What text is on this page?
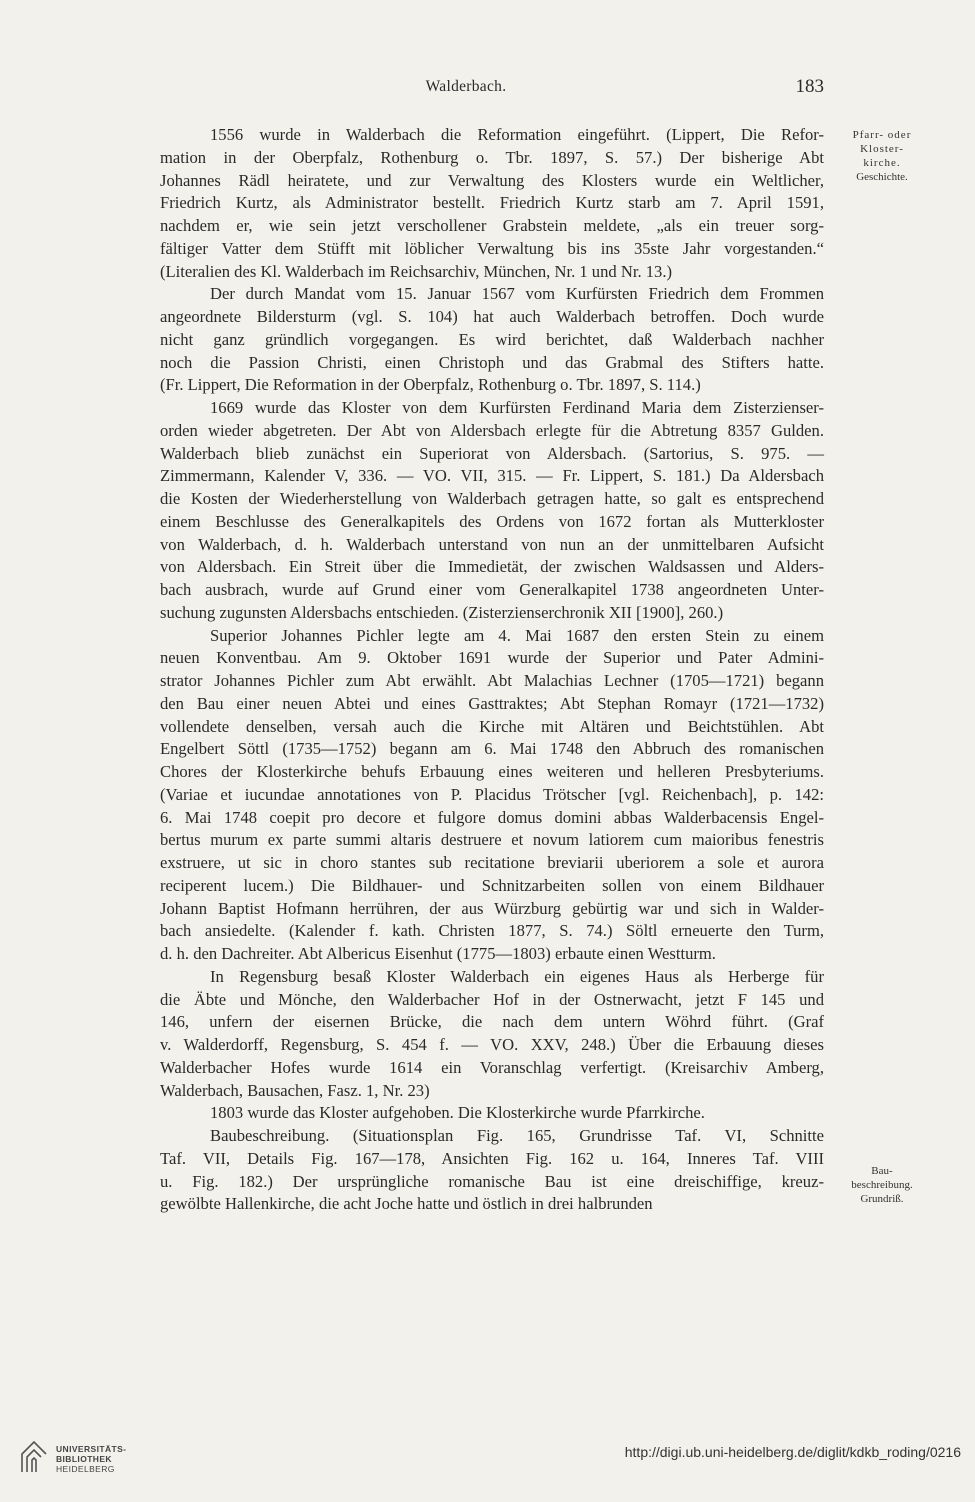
Walderbach.	183
Pfarr- oder
Kloster-
kirche.
Geschichte.
Bau-
beschreibung.
Grundriß.
1556 wurde in Walderbach die Reformation eingeführt. (Lippert, Die Refor-
mation in der Oberpfalz, Rothenburg o. Tbr. 1897, S. 57.) Der bisherige Abt
Johannes Rädl heiratete, und zur Verwaltung des Klosters wurde ein Weltlicher,
Friedrich Kurtz, als Administrator bestellt. Friedrich Kurtz starb am 7. April 1591,
nachdem er, wie sein jetzt verschollener Grabstein meldete, „als ein treuer sorg-
fältiger Vatter dem Stüfft mit löblicher Verwaltung bis ins 35ste Jahr vorgestanden.“
(Literalien des Kl. Walderbach im Reichsarchiv, München, Nr. 1 und Nr. 13.)
Der durch Mandat vom 15. Januar 1567 vom Kurfürsten Friedrich dem Frommen
angeordnete Bildersturm (vgl. S. 104) hat auch Walderbach betroffen. Doch wurde
nicht ganz gründlich vorgegangen. Es wird berichtet, daß Walderbach nachher
noch die Passion Christi, einen Christoph und das Grabmal des Stifters hatte.
(Fr. Lippert, Die Reformation in der Oberpfalz, Rothenburg o. Tbr. 1897, S. 114.)
1669 wurde das Kloster von dem Kurfürsten Ferdinand Maria dem Zisterzienser-
orden wieder abgetreten. Der Abt von Aldersbach erlegte für die Abtretung 8357 Gulden.
Walderbach blieb zunächst ein Superiorat von Aldersbach. (Sartorius, S. 975. —
Zimmermann, Kalender V, 336. — VO. VII, 315. — Fr. Lippert, S. 181.) Da Aldersbach
die Kosten der Wiederherstellung von Walderbach getragen hatte, so galt es entsprechend
einem Beschlusse des Generalkapitels des Ordens von 1672 fortan als Mutterkloster
von Walderbach, d. h. Walderbach unterstand von nun an der unmittelbaren Aufsicht
von Aldersbach. Ein Streit über die Immedietät, der zwischen Waldsassen und Alders-
bach ausbrach, wurde auf Grund einer vom Generalkapitel 1738 angeordneten Unter-
suchung zugunsten Aldersbachs entschieden. (Zisterzienserchronik XII [1900], 260.)
Superior Johannes Pichler legte am 4. Mai 1687 den ersten Stein zu einem
neuen Konventbau. Am 9. Oktober 1691 wurde der Superior und Pater Admini-
strator Johannes Pichler zum Abt erwählt. Abt Malachias Lechner (1705—1721) begann
den Bau einer neuen Abtei und eines Gasttraktes; Abt Stephan Romayr (1721—1732)
vollendete denselben, versah auch die Kirche mit Altären und Beichtstühlen. Abt
Engelbert Söttl (1735—1752) begann am 6. Mai 1748 den Abbruch des romanischen
Chores der Klosterkirche behufs Erbauung eines weiteren und helleren Presbyteriums.
(Variae et iucundae annotationes von P. Placidus Trötscher [vgl. Reichenbach], p. 142:
6. Mai 1748 coepit pro decore et fulgore domus domini abbas Walderbacensis Engel-
bertus murum ex parte summi altaris destruere et novum latiorem cum maioribus fenestris
exstruere, ut sic in choro stantes sub recitatione breviarii uberiorem a sole et aurora
reciperent lucem.) Die Bildhauer- und Schnitzarbeiten sollen von einem Bildhauer
Johann Baptist Hofmann herrühren, der aus Würzburg gebürtig war und sich in Walder-
bach ansiedelte. (Kalender f. kath. Christen 1877, S. 74.) Söltl erneuerte den Turm,
d. h. den Dachreiter. Abt Albericus Eisenhut (1775—1803) erbaute einen Westturm.
In Regensburg besaß Kloster Walderbach ein eigenes Haus als Herberge für
die Äbte und Mönche, den Walderbacher Hof in der Ostnerwacht, jetzt F 145 und
146, unfern der eisernen Brücke, die nach dem untern Wöhrd führt. (Graf
v. Walderdorff, Regensburg, S. 454 f. — VO. XXV, 248.) Über die Erbauung dieses
Walderbacher Hofes wurde 1614 ein Voranschlag verfertigt. (Kreisarchiv Amberg,
Walderbach, Bausachen, Fasz. 1, Nr. 23)
1803 wurde das Kloster aufgehoben. Die Klosterkirche wurde Pfarrkirche.
Baubeschreibung. (Situationsplan Fig. 165, Grundrisse Taf. VI, Schnitte
Taf. VII, Details Fig. 167—178, Ansichten Fig. 162 u. 164, Inneres Taf. VIII
u. Fig. 182.) Der ursprüngliche romanische Bau ist eine dreischiffige, kreuz-
gewölbte Hallenkirche, die acht Joche hatte und östlich in drei halbrunden
UNIVERSITÄTS-
BIBLIOTHEK
HEIDELBERG
http://digi.ub.uni-heidelberg.de/diglit/kdkb_roding/0216
